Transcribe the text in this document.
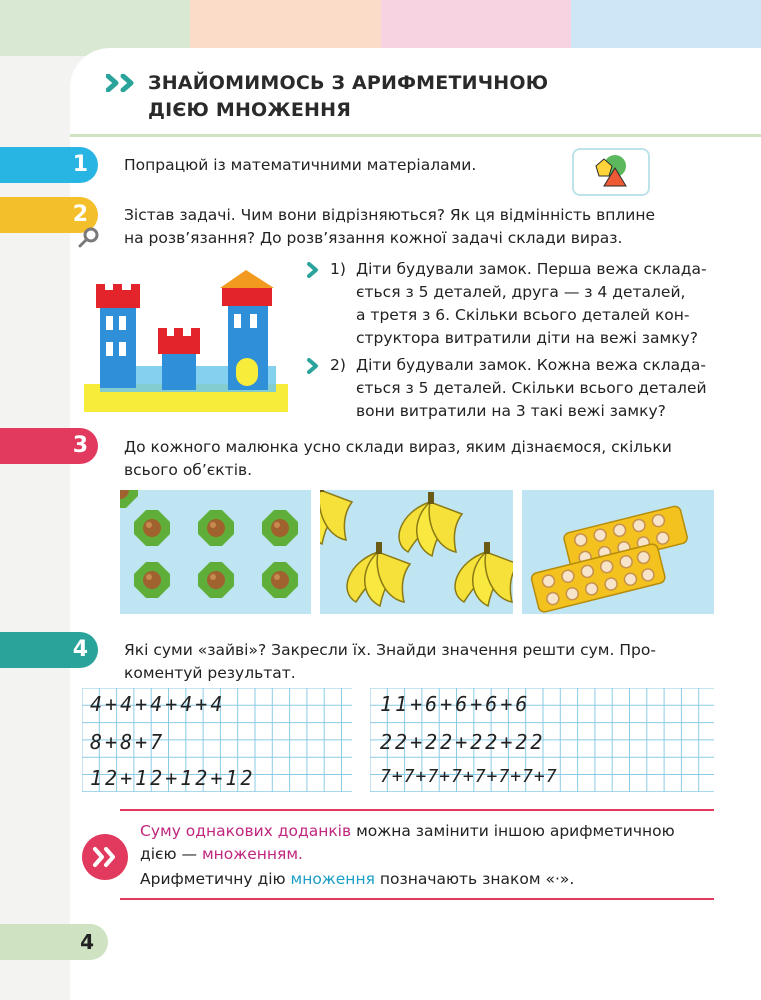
ЗНАЙОМИМОСЬ З АРИФМЕТИЧНОЮ
ДІЄЮ МНОЖЕННЯ
1	Попрацюй із математичними матеріалами.
2	Зістав задачі. Чим вони відрізняються? Як ця відмінність вплине
на розв’язання? До розв’язання кожної задачі склади вираз.
1) Діти будували замок. Перша вежа склада-
ється з 5 деталей, друга — з 4 деталей,
а третя з 6. Скільки всього деталей кон-
структора витратили діти на вежі замку?
2) Діти будували замок. Кожна вежа склада-
ється з 5 деталей. Скільки всього деталей
вони витратили на 3 такі вежі замку?
3	До кожного малюнка усно склади вираз, яким дізнаємося, скільки
всього об’єктів.
4	Які суми «зайві»? Закресли їх. Знайди значення решти сум. Про-
коментуй результат.
4+4+4+4+4
8+8+7
12+12+12+12
11+6+6+6+6
22+22+22+22
7+7+7+7+7+7+7+7
Суму однакових доданків можна замінити іншою арифметичною
дією — множенням.
Арифметичну дію множення позначають знаком «·».
4
